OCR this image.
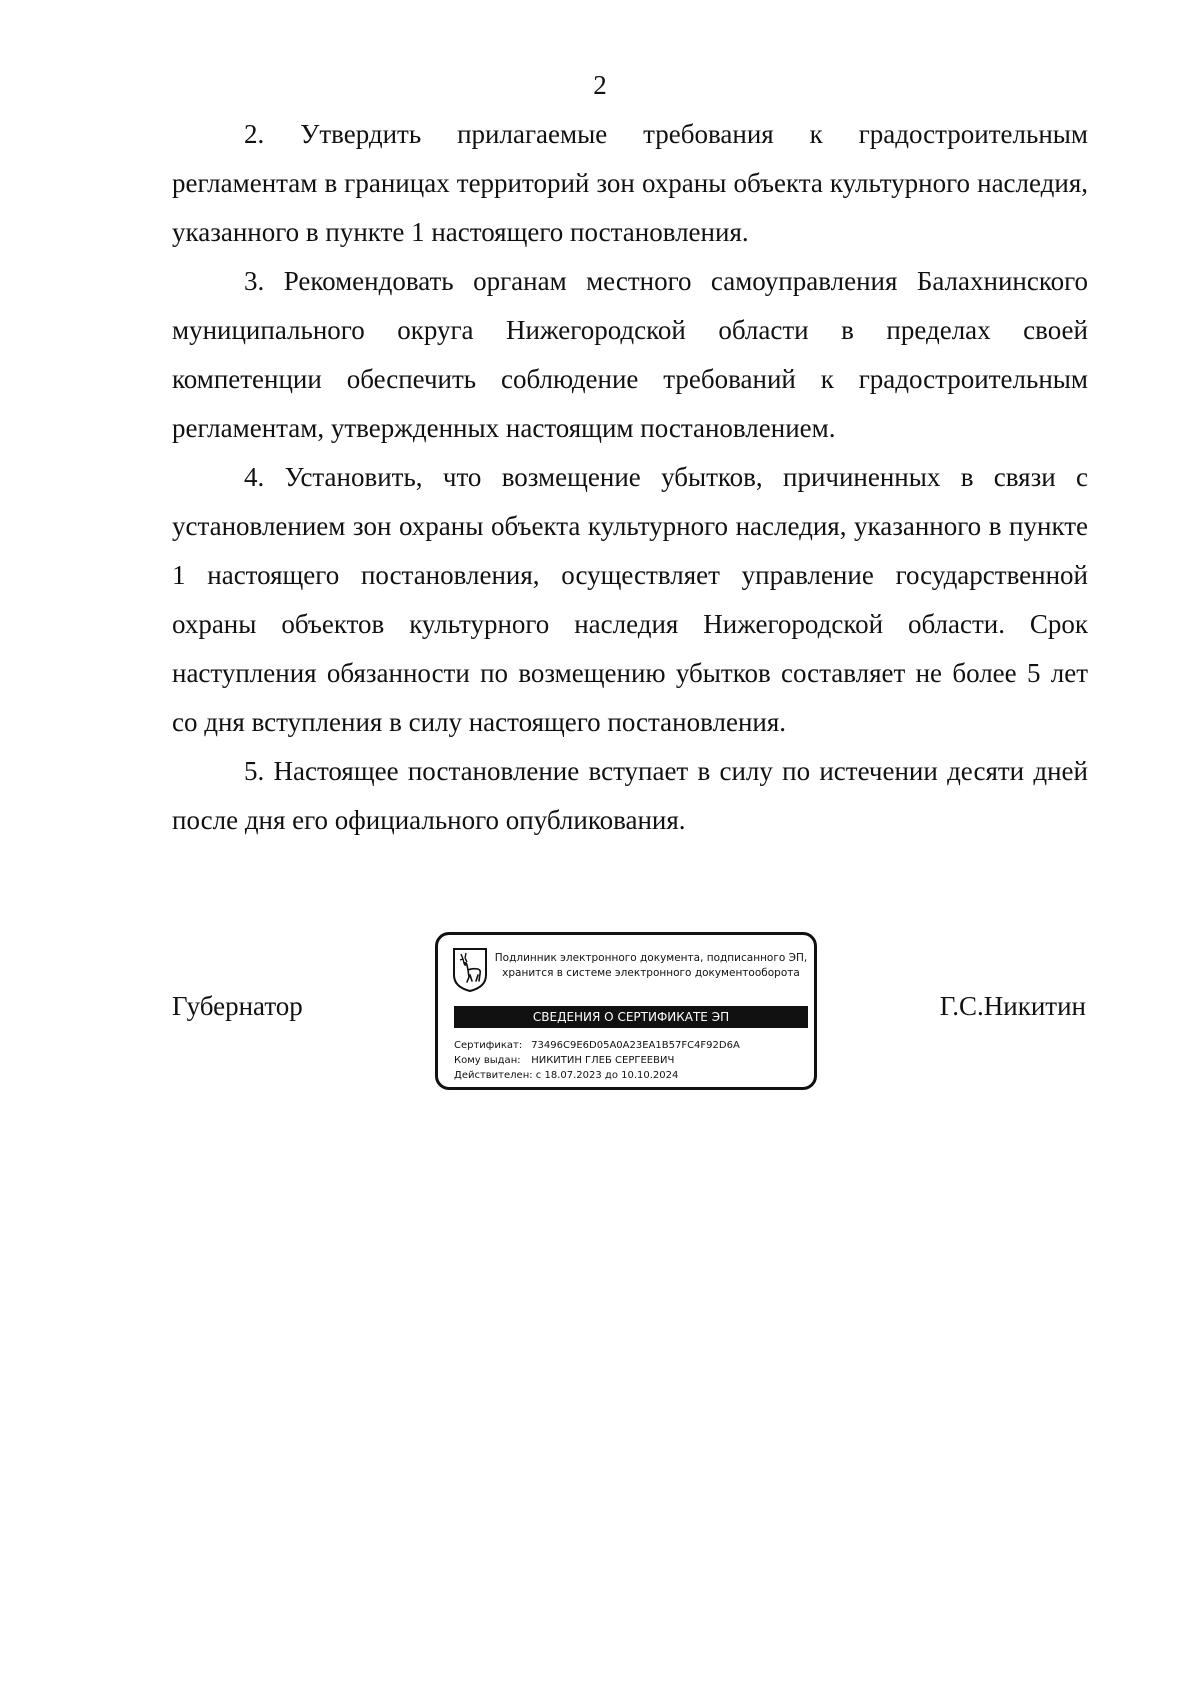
2

2. Утвердить прилагаемые требования к градостроительным регламентам в границах территорий зон охраны объекта культурного наследия, указанного в пункте 1 настоящего постановления.

3. Рекомендовать органам местного самоуправления Балахнинского муниципального округа Нижегородской области в пределах своей компетенции обеспечить соблюдение требований к градостроительным регламентам, утвержденных настоящим постановлением.

4. Установить, что возмещение убытков, причиненных в связи с установлением зон охраны объекта культурного наследия, указанного в пункте 1 настоящего постановления, осуществляет управление государственной охраны объектов культурного наследия Нижегородской области. Срок наступления обязанности по возмещению убытков составляет не более 5 лет со дня вступления в силу настоящего постановления.

5. Настоящее постановление вступает в силу по истечении десяти дней после дня его официального опубликования.

Губернатор	Г.С.Никитин
Подлинник электронного документа, подписанного ЭП,
хранится в системе электронного документооборота
СВЕДЕНИЯ О СЕРТИФИКАТЕ ЭП
Сертификат: 73496C9E6D05A0A23EA1B57FC4F92D6A
Кому выдан: НИКИТИН ГЛЕБ СЕРГЕЕВИЧ
Действителен: с 18.07.2023 до 10.10.2024
